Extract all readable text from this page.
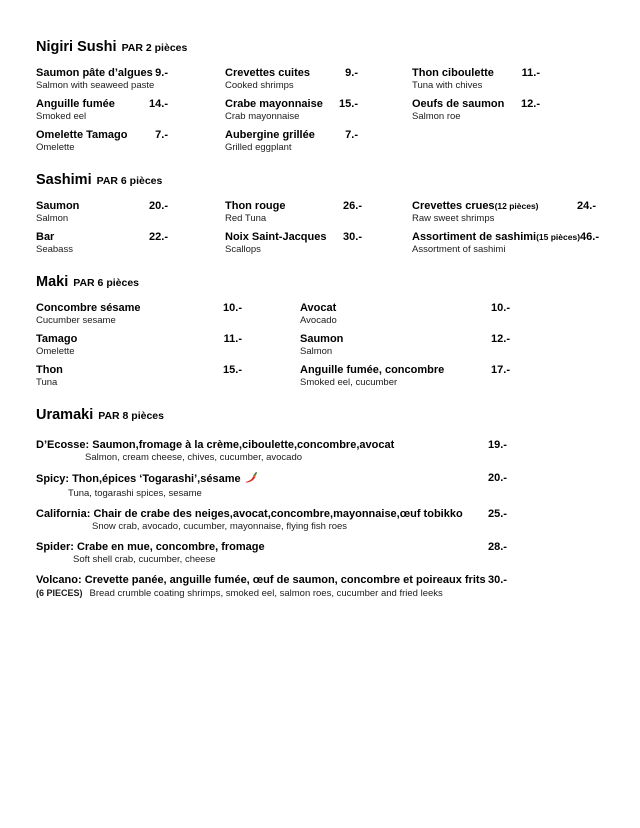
Nigiri Sushi PAR 2 pièces
Saumon pâte d’algues 9.-
Salmon with seaweed paste
Anguille fumée	14.-
Smoked eel
Omelette Tamago	7.-
Omelette
Crevettes cuites	9.-
Cooked shrimps
Crabe mayonnaise 15.-
Crab mayonnaise
Aubergine grillée	7.-
Grilled eggplant
Thon ciboulette	11.-
Tuna with chives
Oeufs de saumon 12.-
Salmon roe
Sashimi PAR 6 pièces
Saumon	20.-
Salmon
Bar	22.-
Seabass
Thon rouge	26.-
Red Tuna
Noix Saint-Jacques 30.-
Scallops
Crevettes crues(12 pièces)	24.-
Raw sweet shrimps
Assortiment de sashimi(15 pièces) 46.-
Assortment of sashimi
Maki PAR 6 pièces
Concombre sésame	10.-
Cucumber sesame
Tamago	11.-
Omelette
Thon	15.-
Tuna
Avocat	10.-
Avocado
Saumon	12.-
Salmon
Anguille fumée, concombre	17.-
Smoked eel, cucumber
Uramaki PAR 8 pièces
D’Ecosse: Saumon,fromage à la crème,ciboulette,concombre,avocat	19.-
Salmon, cream cheese, chives, cucumber, avocado
Spicy: Thon,épices ‘Togarashi’,sésame	20.-
Tuna, togarashi spices, sesame
California: Chair de crabe des neiges,avocat,concombre,mayonnaise,œuf tobikko	25.-
Snow crab, avocado, cucumber, mayonnaise, flying fish roes
Spider: Crabe en mue, concombre, fromage	28.-
Soft shell crab, cucumber, cheese
Volcano: Crevette panée, anguille fumée, œuf de saumon, concombre et poireaux frits 30.-
(6 PIECES) Bread crumble coating shrimps, smoked eel, salmon roes, cucumber and fried leeks
